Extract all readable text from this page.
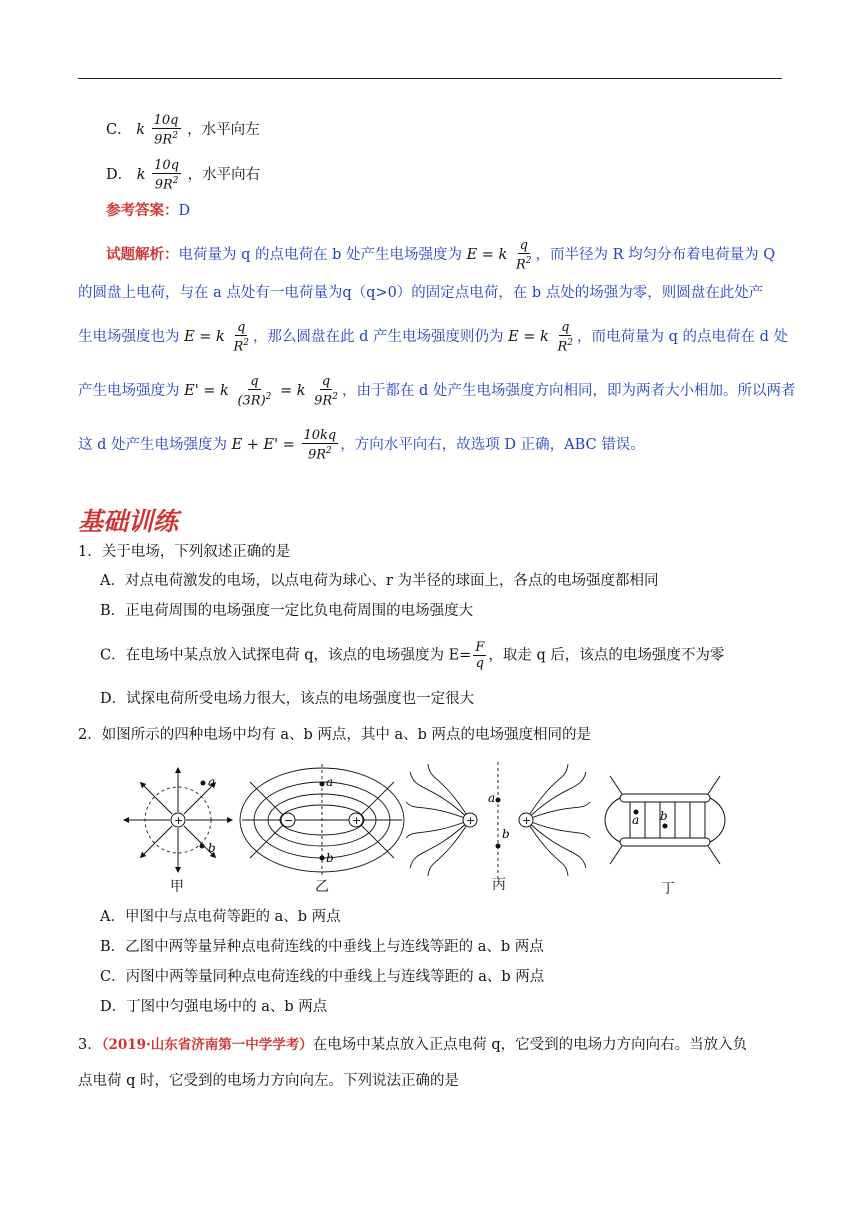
C． k $\frac{10q}{9R^2}$ ，水平向左
D． k $\frac{10q}{9R^2}$ ，水平向右
参考答案：D
试题解析：电荷量为 q 的点电荷在 b 处产生电场强度为 E = k $\frac{q}{R^2}$ ，而半径为 R 均匀分布着电荷量为 Q
的圆盘上电荷，与在 a 点处有一电荷量为q（q>0）的固定点电荷，在 b 点处的场强为零，则圆盘在此处产
生电场强度也为 E = k $\frac{q}{R^2}$ ，那么圆盘在此 d 产生电场强度则仍为 E = k $\frac{q}{R^2}$ ，而电荷量为 q 的点电荷在 d 处
产生电场强度为 E' = k $\frac{q}{(3R)^2} = k \frac{q}{9R^2}$ ，由于都在 d 处产生电场强度方向相同，即为两者大小相加。所以两者
这 d 处产生电场强度为 $E + E' = \frac{10kq}{9R^2}$ ，方向水平向右，故选项 D 正确，ABC 错误。
基础训练
1．关于电场，下列叙述正确的是
A．对点电荷激发的电场，以点电荷为球心、r 为半径的球面上，各点的电场强度都相同
B．正电荷周围的电场强度一定比负电荷周围的电场强度大
C．在电场中某点放入试探电荷 q，该点的电场强度为 $E= \frac{F}{q}$ ，取走 q 后，该点的电场强度不为零
D．试探电荷所受电场力很大，该点的电场强度也一定很大
2．如图所示的四种电场中均有 a、b 两点，其中 a、b 两点的电场强度相同的是
+
a
b
−	+
a
b
+	+
a
b
a b
甲	乙	丙	丁
A．甲图中与点电荷等距的 a、b 两点
B．乙图中两等量异种点电荷连线的中垂线上与连线等距的 a、b 两点
C．丙图中两等量同种点电荷连线的中垂线上与连线等距的 a、b 两点
D．丁图中匀强电场中的 a、b 两点
3．（2019·山东省济南第一中学学考）在电场中某点放入正点电荷 q，它受到的电场力方向向右。当放入负
点电荷 q 时，它受到的电场力方向向左。下列说法正确的是
